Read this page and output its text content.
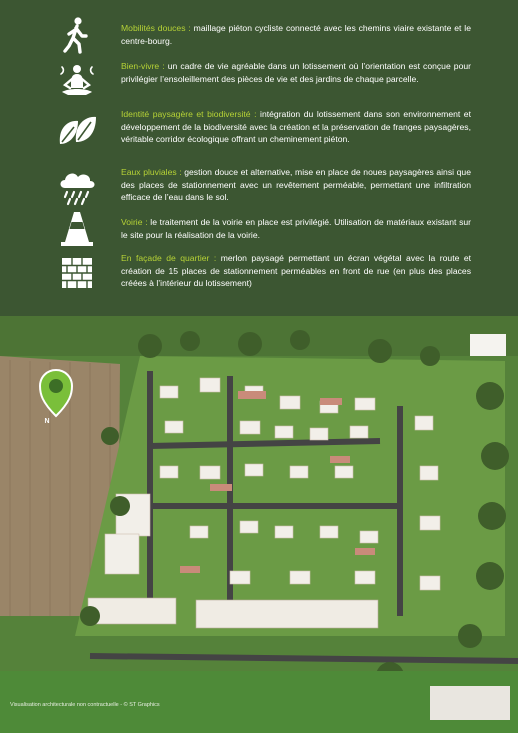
Mobilités douces : maillage piéton cycliste connecté avec les chemins viaire existante et le centre-bourg.
Bien-vivre : un cadre de vie agréable dans un lotissement où l’orientation est conçue pour privilégier l’ensoleillement des pièces de vie et des jardins de chaque parcelle.
Identité paysagère et biodiversité : intégration du lotissement dans son environnement et développement de la biodiversité avec la création et la préservation de franges paysagères, véritable corridor écologique offrant un cheminement piéton.
Eaux pluviales : gestion douce et alternative, mise en place de noues paysagères ainsi que des places de stationnement avec un revêtement perméable, permettant une infiltration efficace de l’eau dans le sol.
Voirie : le traitement de la voirie en place est privilégié. Utilisation de matériaux existant sur le site pour la réalisation de la voirie.
En façade de quartier : merlon paysagé permettant un écran végétal avec la route et création de 15 places de stationnement perméables en front de rue (en plus des places créées à l’intérieur du lotissement)
N
Visualisation architecturale non contractuelle - © ST Graphics
